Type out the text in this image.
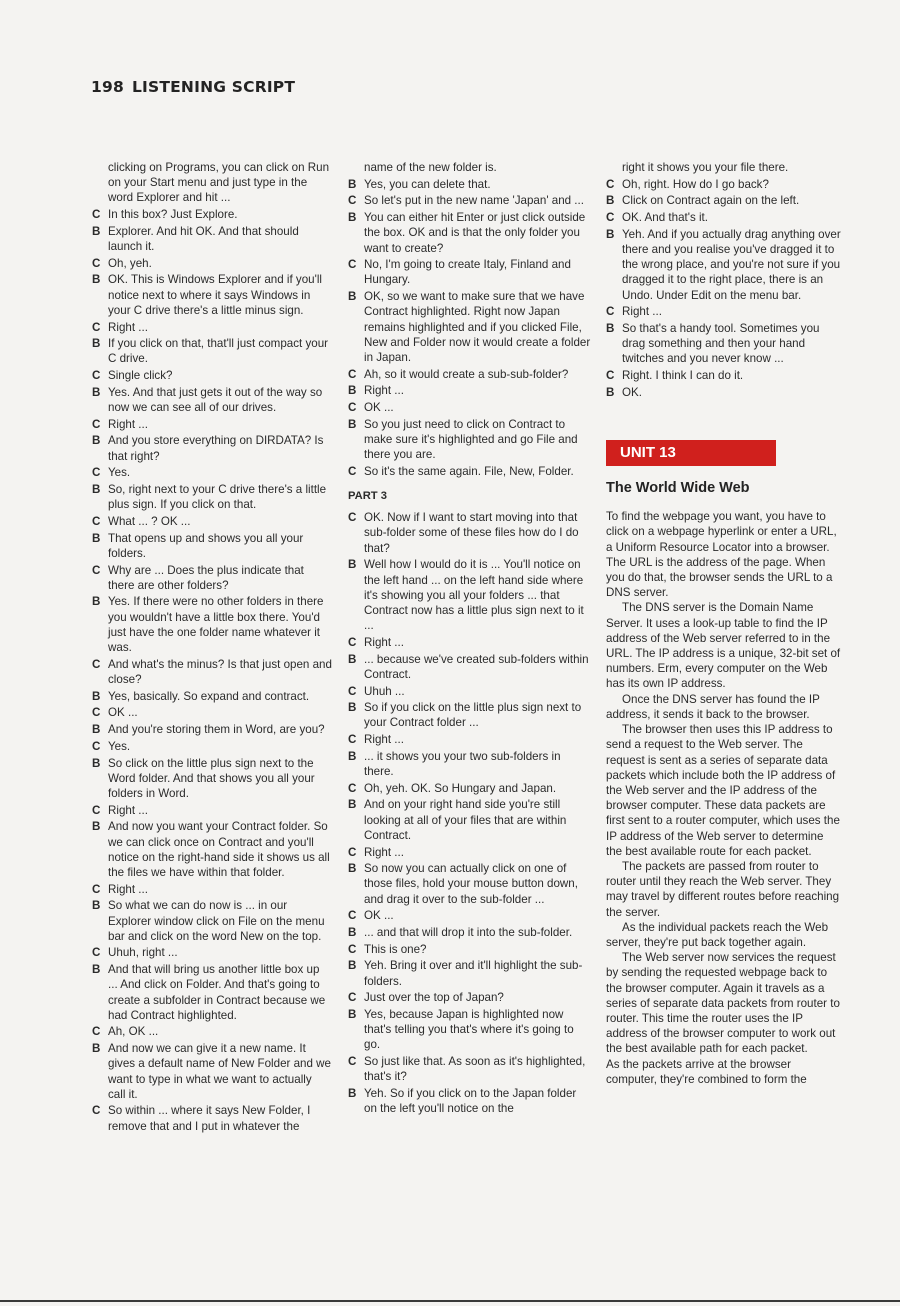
198 LISTENING SCRIPT
clicking on Programs, you can click on Run on your Start menu and just type in the word Explorer and hit ...
C In this box? Just Explore.
B Explorer. And hit OK. And that should launch it.
C Oh, yeh.
B OK. This is Windows Explorer and if you'll notice next to where it says Windows in your C drive there's a little minus sign.
C Right ...
B If you click on that, that'll just compact your C drive.
C Single click?
B Yes. And that just gets it out of the way so now we can see all of our drives.
C Right ...
B And you store everything on DIRDATA? Is that right?
C Yes.
B So, right next to your C drive there's a little plus sign. If you click on that.
C What ... ? OK ...
B That opens up and shows you all your folders.
C Why are ... Does the plus indicate that there are other folders?
B Yes. If there were no other folders in there you wouldn't have a little box there. You'd just have the one folder name whatever it was.
C And what's the minus? Is that just open and close?
B Yes, basically. So expand and contract.
C OK ...
B And you're storing them in Word, are you?
C Yes.
B So click on the little plus sign next to the Word folder. And that shows you all your folders in Word.
C Right ...
B And now you want your Contract folder. So we can click once on Contract and you'll notice on the right-hand side it shows us all the files we have within that folder.
C Right ...
B So what we can do now is ... in our Explorer window click on File on the menu bar and click on the word New on the top.
C Uhuh, right ...
B And that will bring us another little box up ... And click on Folder. And that's going to create a subfolder in Contract because we had Contract highlighted.
C Ah, OK ...
B And now we can give it a new name. It gives a default name of New Folder and we want to type in what we want to actually call it.
C So within ... where it says New Folder, I remove that and I put in whatever the
name of the new folder is.
B Yes, you can delete that.
C So let's put in the new name 'Japan' and ...
B You can either hit Enter or just click outside the box. OK and is that the only folder you want to create?
C No, I'm going to create Italy, Finland and Hungary.
B OK, so we want to make sure that we have Contract highlighted. Right now Japan remains highlighted and if you clicked File, New and Folder now it would create a folder in Japan.
C Ah, so it would create a sub-sub-folder?
B Right ...
C OK ...
B So you just need to click on Contract to make sure it's highlighted and go File and there you are.
C So it's the same again. File, New, Folder.
PART 3
C OK. Now if I want to start moving into that sub-folder some of these files how do I do that?
B Well how I would do it is ... You'll notice on the left hand ... on the left hand side where it's showing you all your folders ... that Contract now has a little plus sign next to it ...
C Right ...
B ... because we've created sub-folders within Contract.
C Uhuh ...
B So if you click on the little plus sign next to your Contract folder ...
C Right ...
B ... it shows you your two sub-folders in there.
C Oh, yeh. OK. So Hungary and Japan.
B And on your right hand side you're still looking at all of your files that are within Contract.
C Right ...
B So now you can actually click on one of those files, hold your mouse button down, and drag it over to the sub-folder ...
C OK ...
B ... and that will drop it into the sub-folder.
C This is one?
B Yeh. Bring it over and it'll highlight the sub-folders.
C Just over the top of Japan?
B Yes, because Japan is highlighted now that's telling you that's where it's going to go.
C So just like that. As soon as it's highlighted, that's it?
B Yeh. So if you click on to the Japan folder on the left you'll notice on the
right it shows you your file there.
C Oh, right. How do I go back?
B Click on Contract again on the left.
C OK. And that's it.
B Yeh. And if you actually drag anything over there and you realise you've dragged it to the wrong place, and you're not sure if you dragged it to the right place, there is an Undo. Under Edit on the menu bar.
C Right ...
B So that's a handy tool. Sometimes you drag something and then your hand twitches and you never know ...
C Right. I think I can do it.
B OK.
UNIT 13
The World Wide Web

To find the webpage you want, you have to click on a webpage hyperlink or enter a URL, a Uniform Resource Locator into a browser. The URL is the address of the page. When you do that, the browser sends the URL to a DNS server.

The DNS server is the Domain Name Server. It uses a look-up table to find the IP address of the Web server referred to in the URL. The IP address is a unique, 32-bit set of numbers. Erm, every computer on the Web has its own IP address.

Once the DNS server has found the IP address, it sends it back to the browser.

The browser then uses this IP address to send a request to the Web server. The request is sent as a series of separate data packets which include both the IP address of the Web server and the IP address of the browser computer. These data packets are first sent to a router computer, which uses the IP address of the Web server to determine the best available route for each packet.

The packets are passed from router to router until they reach the Web server. They may travel by different routes before reaching the server.

As the individual packets reach the Web server, they're put back together again.

The Web server now services the request by sending the requested webpage back to the browser computer. Again it travels as a series of separate data packets from router to router. This time the router uses the IP address of the browser computer to work out the best available path for each packet.

As the packets arrive at the browser computer, they're combined to form the
